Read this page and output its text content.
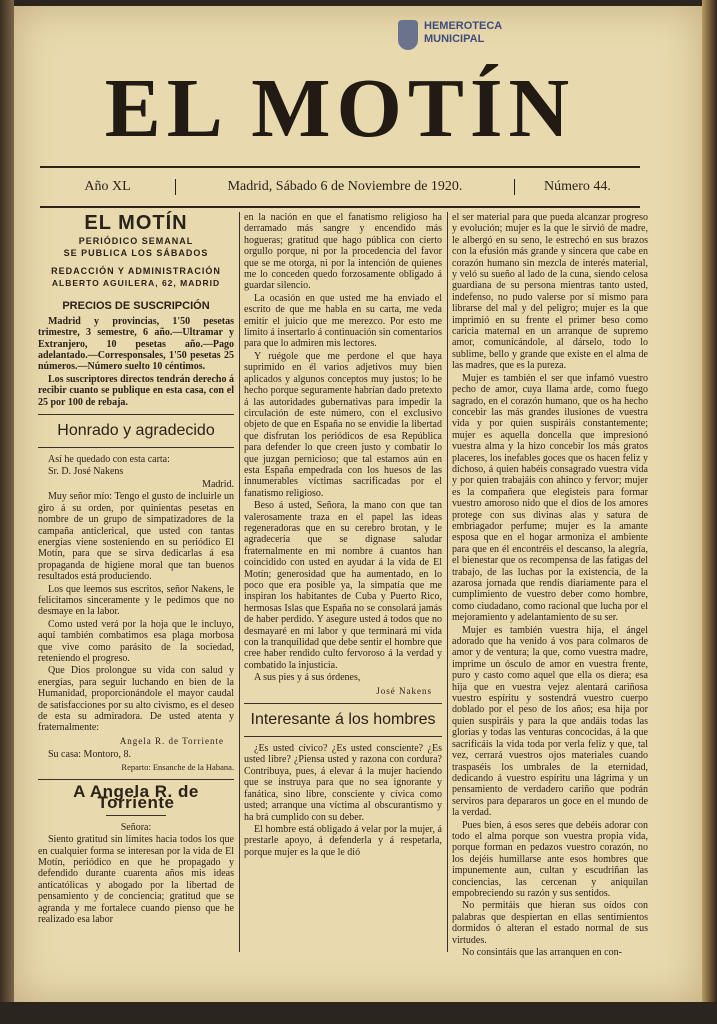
HEMEROTECA
MUNICIPAL
EL MOTÍN
Año XL	Madrid, Sábado 6 de Noviembre de 1920.	Número 44.
EL MOTÍN
PERIÓDICO SEMANAL
SE PUBLICA LOS SÁBADOS
REDACCIÓN Y ADMINISTRACIÓN
ALBERTO AGUILERA, 62, MADRID
PRECIOS DE SUSCRIPCIÓN

Madrid y provincias, 1'50 pesetas trimestre, 3 semestre, 6 año.—Ultramar y Extranjero, 10 pesetas año.—Pago adelantado.—Corresponsales, 1'50 pesetas 25 números.—Número suelto 10 céntimos.

Los suscriptores directos tendrán derecho á recibir cuanto se publique en esta casa, con el 25 por 100 de rebaja.

Honrado y agradecido

Así he quedado con esta carta:

Sr. D. José Nakens

Madrid.

Muy señor mío: Tengo el gusto de incluirle un giro á su orden, por quinientas pesetas en nombre de un grupo de simpatizadores de la campaña anticlerical, que usted con tantas energías viene sosteniendo en su periódico El Motín, para que se sirva dedicarlas á esa propaganda de higiene moral que tan buenos resultados está produciendo.

Los que leemos sus escritos, señor Nakens, le felicitamos sinceramente y le pedimos que no desmaye en la labor.

Como usted verá por la hoja que le incluyo, aquí también combatimos esa plaga morbosa que vive como parásito de la sociedad, reteniendo el progreso.

Que Dios prolongue su vida con salud y energías, para seguir luchando en bien de la Humanidad, proporcionándole el mayor caudal de satisfacciones por su alto civismo, es el deseo de esta su admiradora. De usted atenta y fraternalmente:

Angela R. de Torriente

Su casa: Montoro, 8.

Reparto: Ensanche de la Habana.

A Angela R. de Torriente

Señora:

Siento gratitud sin límites hacia todos los que en cualquier forma se interesan por la vida de El Motín, periódico en que he propagado y defendido durante cuarenta años mis ideas anticatólicas y abogado por la libertad de pensamiento y de conciencia; gratitud que se agranda y me fortalece cuando pienso que he realizado esa labor

en la nación en que el fanatismo religioso ha derramado más sangre y encendido más hogueras; gratitud que hago pública con cierto orgullo porque, ni por la procedencia del favor que se me otorga, ni por la intención de quienes me lo conceden quedo forzosamente obligado á guardar silencio.

La ocasión en que usted me ha enviado el escrito de que me habla en su carta, me veda emitir el juicio que me merezco. Por esto me limito á insertarlo á continuación sin comentarios para que lo admiren mis lectores.

Y ruégole que me perdone el que haya suprimido en él varios adjetivos muy bien aplicados y algunos conceptos muy justos; lo he hecho porque seguramente habrían dado pretexto á las autoridades gubernativas para impedir la circulación de este número, con el exclusivo objeto de que en España no se envidie la libertad que disfrutan los periódicos de esa República para defender lo que creen justo y combatir lo que juzgan pernicioso; que tal estamos aún en esta España empedrada con los huesos de las innumerables víctimas sacrificadas por el fanatismo religioso.

Beso á usted, Señora, la mano con que tan valerosamente traza en el papel las ideas regeneradoras que en su cerebro brotan, y le agradecería que se dignase saludar fraternalmente en mi nombre á cuantos han coincidido con usted en ayudar á la vida de El Motín; generosidad que ha aumentado, en lo poco que era posible ya, la simpatía que me inspiran los habitantes de Cuba y Puerto Rico, hermosas Islas que España no se consolará jamás de haber perdido. Y asegure usted á todos que no desmayaré en mi labor y que terminará mi vida con la tranquilidad que debe sentir el hombre que cree haber rendido culto fervoroso á la verdad y combatido la injusticia.

A sus pies y á sus órdenes,

José Nakens

Interesante á los hombres

¿Es usted cívico? ¿Es usted consciente? ¿Es usted libre? ¿Piensa usted y razona con cordura? Contribuya, pues, á elevar á la mujer haciendo que se instruya para que no sea ignorante y fanática, sino libre, consciente y cívica como usted; arranque una víctima al obscurantismo y ha brá cumplido con su deber.

El hombre está obligado á velar por la mujer, á prestarle apoyo, á defenderla y á respetarla, porque mujer es la que le dió

el ser material para que pueda alcanzar progreso y evolución; mujer es la que le sirvió de madre, le albergó en su seno, le estrechó en sus brazos con la efusión más grande y sincera que cabe en corazón humano sin mezcla de interés material, y veló su sueño al lado de la cuna, siendo celosa guardiana de su persona mientras tanto usted, indefenso, no pudo valerse por sí mismo para librarse del mal y del peligro; mujer es la que imprimió en su frente el primer beso como caricia maternal en un arranque de supremo amor, comunicándole, al dárselo, todo lo sublime, bello y grande que existe en el alma de las madres, que es la pureza.

Mujer es también el ser que infamó vuestro pecho de amor, cuya llama arde, como fuego sagrado, en el corazón humano, que os ha hecho concebir las más grandes ilusiones de vuestra vida y por quien suspiráis constantemente; mujer es aquella doncella que impresionó vuestra alma y la hizo concebir los más gratos placeres, los inefables goces que os hacen feliz y dichoso, á quien habéis consagrado vuestra vida y por quien trabajáis con ahinco y fervor; mujer es la compañera que elegisteis para formar vuestro amoroso nido que el dios de los amores protege con sus divinas alas y satura de embriagador perfume; mujer es la amante esposa que en el hogar armoniza el ambiente para que en él encontréis el descanso, la alegría, el bienestar que os recompensa de las fatigas del trabajo, de las luchas por la existencia, de la azarosa jornada que rendís diariamente para el cumplimiento de vuestro deber como hombre, como ciudadano, como racional que lucha por el mejoramiento y adelantamiento de su ser.

Mujer es también vuestra hija, el ángel adorado que ha venido á vos para colmaros de amor y de ventura; la que, como vuestra madre, imprime un ósculo de amor en vuestra frente, puro y casto como aquel que ella os diera; esa hija que en vuestra vejez alentará cariñosa vuestro espíritu y sostendrá vuestro cuerpo doblado por el peso de los años; esa hija por quien suspiráis y para la que andáis todas las glorias y todas las venturas concocidas, á la que sacrificáis la vida toda por verla feliz y que, tal vez, cerrará vuestros ojos materiales cuando traspaséis los umbrales de la eternidad, dedicando á vuestro espíritu una lágrima y un pensamiento de verdadero cariño que podrán serviros para depararos un goce en el mundo de la verdad.

Pues bien, á esos seres que debéis adorar con todo el alma porque son vuestra propia vida, porque forman en pedazos vuestro corazón, no los dejéis humillarse ante esos hombres que impunemente aun, cultan y escudriñan las conciencias, las cercenan y aniquilan empobreciendo su razón y sus sentidos.

No permitáis que hieran sus oídos con palabras que despiertan en ellas sentimientos dormidos ó alteran el estado normal de sus virtudes.

No consintáis que las arranquen en con-
